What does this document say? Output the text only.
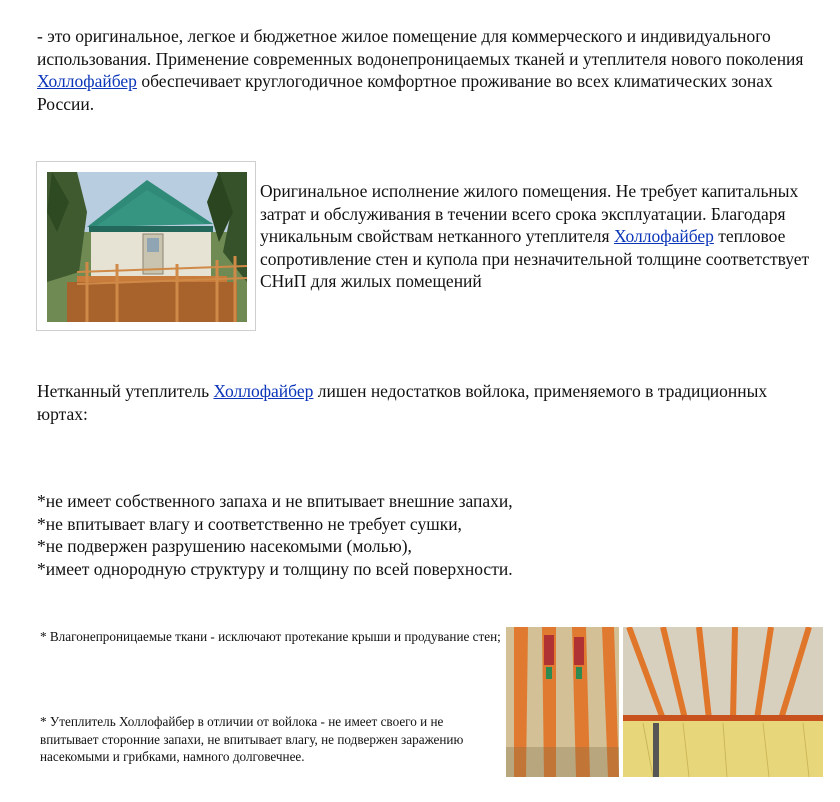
- это оригинальное, легкое и бюджетное жилое помещение для коммерческого и индивидуального использования. Применение современных водонепроницаемых тканей и утеплителя нового поколения Холлофайбер обеспечивает круглогодичное комфортное проживание во всех климатических зонах России.

Оригинальное исполнение жилого помещения. Не требует капитальных затрат и обслуживания в течении всего срока эксплуатации. Благодаря уникальным свойствам нетканного утеплителя Холлофайбер тепловое сопротивление стен и купола при незначительной толщине соответствует СНиП для жилых помещений

Нетканный утеплитель Холлофайбер лишен недостатков войлока, применяемого в традиционных юртах:

*не имеет собственного запаха и не впитывает внешние запахи,
*не впитывает влагу и соответственно не требует сушки,
*не подвержен разрушению насекомыми (молью),
*имеет однородную структуру и толщину по всей поверхности.

* Влагонепроницаемые ткани - исключают протекание крыши и продувание стен;

* Утеплитель Холлофайбер в отличии от войлока - не имеет своего и не впитывает сторонние запахи, не впитывает влагу, не подвержен заражению насекомыми и грибками, намного долговечнее.
